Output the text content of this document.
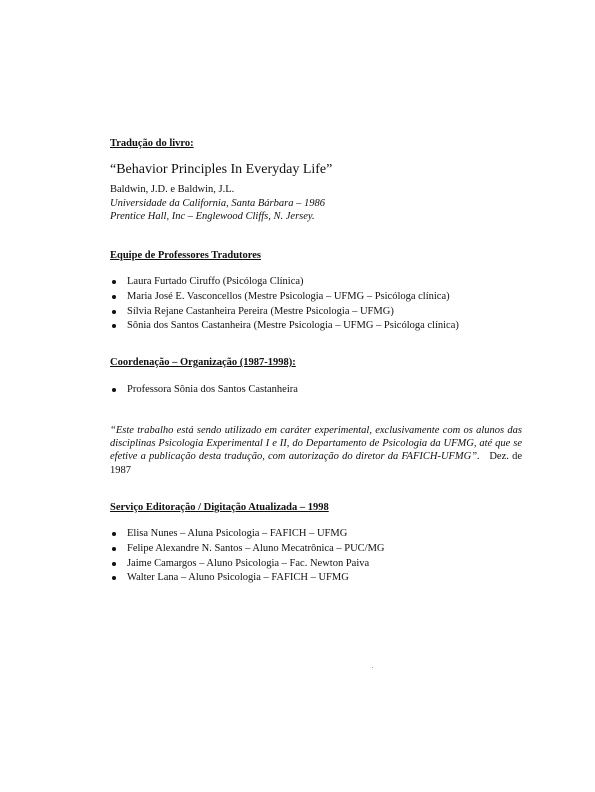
Tradução do livro:

“Behavior Principles In Everyday Life”

Baldwin, J.D. e Baldwin, J.L.

Universidade da California, Santa Bárbara – 1986

Prentice Hall, Inc – Englewood Cliffs, N. Jersey.

Equipe de Professores Tradutores

Laura Furtado Ciruffo (Psicóloga Clínica)
Maria José E. Vasconcellos (Mestre Psicologia – UFMG – Psicóloga clínica)
Sílvia Rejane Castanheira Pereira (Mestre Psicologia – UFMG)
Sônia dos Santos Castanheira (Mestre Psicologia – UFMG – Psicóloga clínica)

Coordenação – Organização (1987-1998):

Professora Sônia dos Santos Castanheira
“Este trabalho está sendo utilizado em caráter experimental, exclusivamente com os alunos das disciplinas Psicologia Experimental I e II, do Departamento de Psicologia da UFMG, até que se efetive a publicação desta tradução, com autorização do diretor da FAFICH-UFMG”. Dez. de 1987

Serviço Editoração / Digitação Atualizada – 1998

Elisa Nunes – Aluna Psicologia – FAFICH – UFMG
Felipe Alexandre N. Santos – Aluno Mecatrônica – PUC/MG
Jaime Camargos – Aluno Psicologia – Fac. Newton Paiva
Walter Lana – Aluno Psicologia – FAFICH – UFMG
